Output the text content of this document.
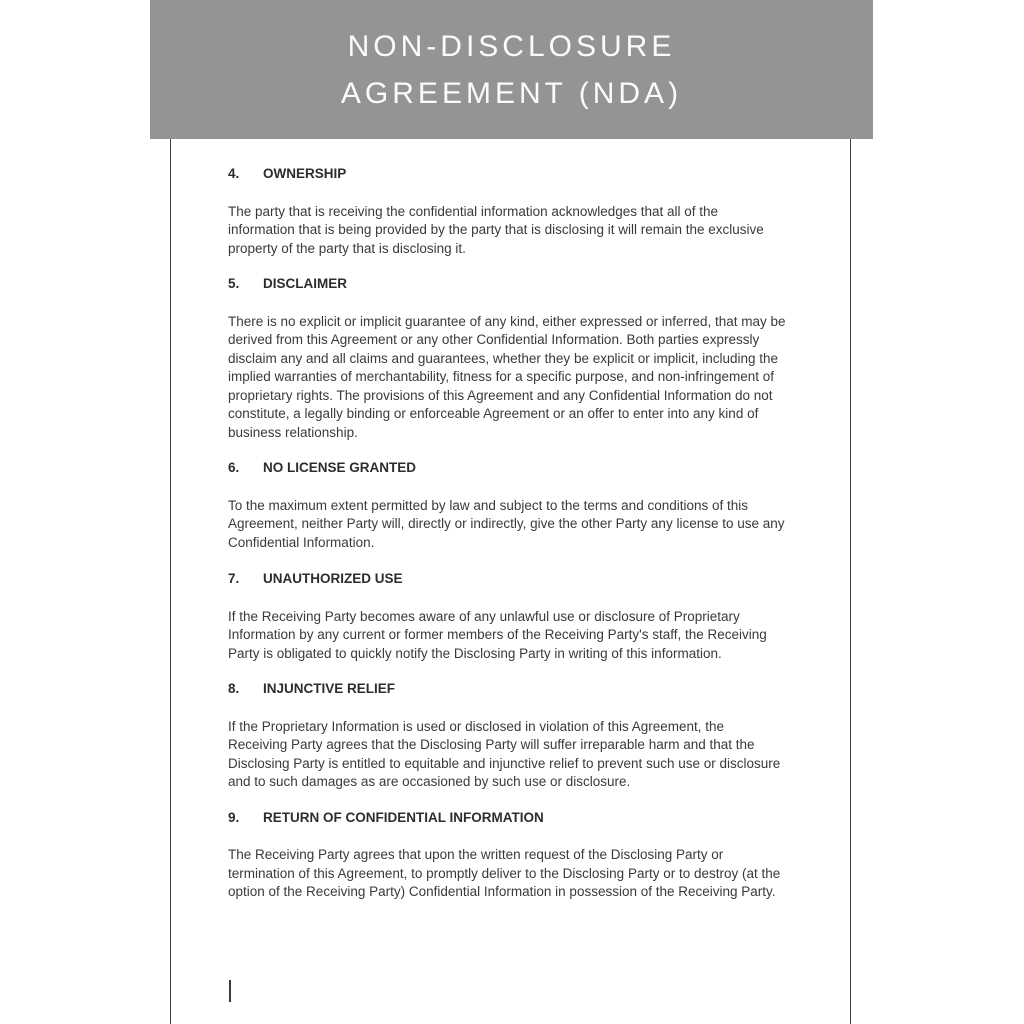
NON-DISCLOSURE
AGREEMENT (NDA)
4.	OWNERSHIP

The party that is receiving the confidential information acknowledges that all of the information that is being provided by the party that is disclosing it will remain the exclusive property of the party that is disclosing it.

5.	DISCLAIMER

There is no explicit or implicit guarantee of any kind, either expressed or inferred, that may be derived from this Agreement or any other Confidential Information. Both parties expressly disclaim any and all claims and guarantees, whether they be explicit or implicit, including the implied warranties of merchantability, fitness for a specific purpose, and non-infringement of proprietary rights. The provisions of this Agreement and any Confidential Information do not constitute, a legally binding or enforceable Agreement or an offer to enter into any kind of business relationship.

6.	NO LICENSE GRANTED

To the maximum extent permitted by law and subject to the terms and conditions of this Agreement, neither Party will, directly or indirectly, give the other Party any license to use any Confidential Information.

7.	UNAUTHORIZED USE

If the Receiving Party becomes aware of any unlawful use or disclosure of Proprietary Information by any current or former members of the Receiving Party's staff, the Receiving Party is obligated to quickly notify the Disclosing Party in writing of this information.

8.	INJUNCTIVE RELIEF

If the Proprietary Information is used or disclosed in violation of this Agreement, the Receiving Party agrees that the Disclosing Party will suffer irreparable harm and that the Disclosing Party is entitled to equitable and injunctive relief to prevent such use or disclosure and to such damages as are occasioned by such use or disclosure.

9.	RETURN OF CONFIDENTIAL INFORMATION

The Receiving Party agrees that upon the written request of the Disclosing Party or termination of this Agreement, to promptly deliver to the Disclosing Party or to destroy (at the option of the Receiving Party) Confidential Information in possession of the Receiving Party.
